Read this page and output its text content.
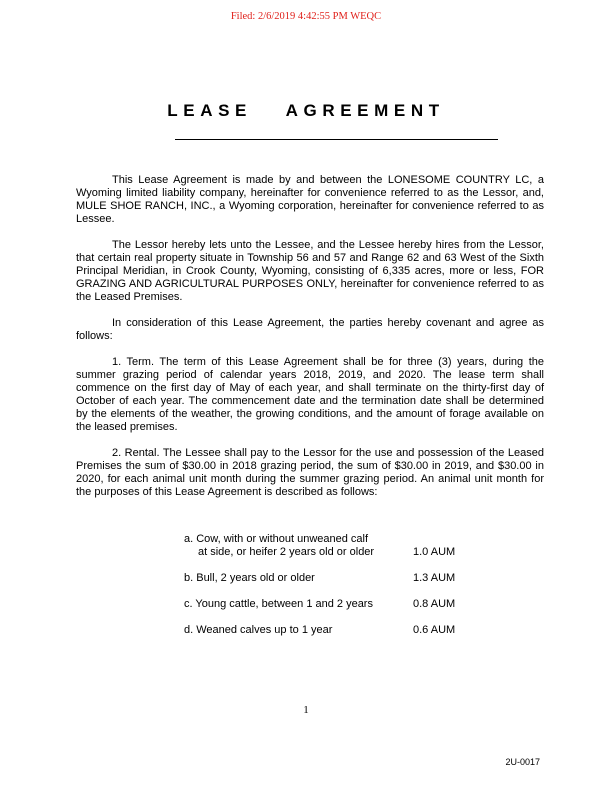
Filed: 2/6/2019 4:42:55 PM WEQC
LEASE AGREEMENT

This Lease Agreement is made by and between the LONESOME COUNTRY LC, a Wyoming limited liability company, hereinafter for convenience referred to as the Lessor, and, MULE SHOE RANCH, INC., a Wyoming corporation, hereinafter for convenience referred to as Lessee.

The Lessor hereby lets unto the Lessee, and the Lessee hereby hires from the Lessor, that certain real property situate in Township 56 and 57 and Range 62 and 63 West of the Sixth Principal Meridian, in Crook County, Wyoming, consisting of 6,335 acres, more or less, FOR GRAZING AND AGRICULTURAL PURPOSES ONLY, hereinafter for convenience referred to as the Leased Premises.

In consideration of this Lease Agreement, the parties hereby covenant and agree as follows:

1. Term. The term of this Lease Agreement shall be for three (3) years, during the summer grazing period of calendar years 2018, 2019, and 2020. The lease term shall commence on the first day of May of each year, and shall terminate on the thirty-first day of October of each year. The commencement date and the termination date shall be determined by the elements of the weather, the growing conditions, and the amount of forage available on the leased premises.

2. Rental. The Lessee shall pay to the Lessor for the use and possession of the Leased Premises the sum of $30.00 in 2018 grazing period, the sum of $30.00 in 2019, and $30.00 in 2020, for each animal unit month during the summer grazing period. An animal unit month for the purposes of this Lease Agreement is described as follows:

a. Cow, with or without unweaned calf
at side, or heifer 2 years old or older	1.0 AUM
b. Bull, 2 years old or older	1.3 AUM
c. Young cattle, between 1 and 2 years	0.8 AUM
d. Weaned calves up to 1 year	0.6 AUM
1
2U-0017
